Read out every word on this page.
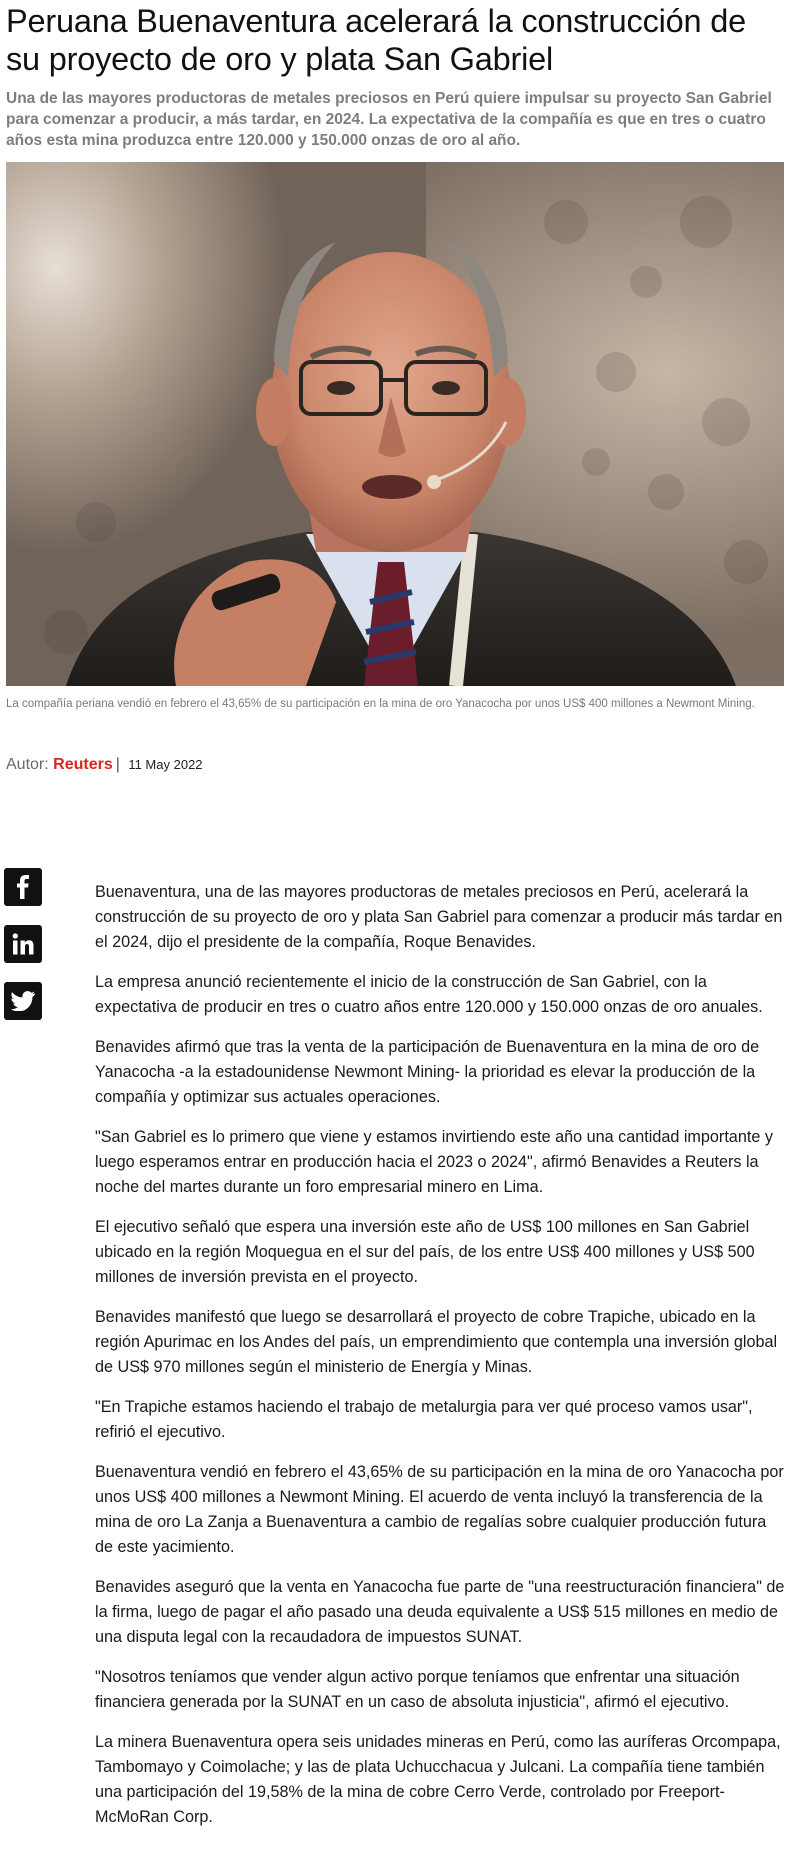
Peruana Buenaventura acelerará la construcción de su proyecto de oro y plata San Gabriel

Una de las mayores productoras de metales preciosos en Perú quiere impulsar su proyecto San Gabriel para comenzar a producir, a más tardar, en 2024. La expectativa de la compañía es que en tres o cuatro años esta mina produzca entre 120.000 y 150.000 onzas de oro al año.

La compañía periana vendió en febrero el 43,65% de su participación en la mina de oro Yanacocha por unos US$ 400 millones a Newmont Mining.

Autor: Reuters | 11 May 2022

Buenaventura, una de las mayores productoras de metales preciosos en Perú, acelerará la construcción de su proyecto de oro y plata San Gabriel para comenzar a producir más tardar en el 2024, dijo el presidente de la compañía, Roque Benavides.

La empresa anunció recientemente el inicio de la construcción de San Gabriel, con la expectativa de producir en tres o cuatro años entre 120.000 y 150.000 onzas de oro anuales.

Benavides afirmó que tras la venta de la participación de Buenaventura en la mina de oro de Yanacocha -a la estadounidense Newmont Mining- la prioridad es elevar la producción de la compañía y optimizar sus actuales operaciones.

"San Gabriel es lo primero que viene y estamos invirtiendo este año una cantidad importante y luego esperamos entrar en producción hacia el 2023 o 2024", afirmó Benavides a Reuters la noche del martes durante un foro empresarial minero en Lima.

El ejecutivo señaló que espera una inversión este año de US$ 100 millones en San Gabriel ubicado en la región Moquegua en el sur del país, de los entre US$ 400 millones y US$ 500 millones de inversión prevista en el proyecto.

Benavides manifestó que luego se desarrollará el proyecto de cobre Trapiche, ubicado en la región Apurimac en los Andes del país, un emprendimiento que contempla una inversión global de US$ 970 millones según el ministerio de Energía y Minas.

"En Trapiche estamos haciendo el trabajo de metalurgia para ver qué proceso vamos usar", refirió el ejecutivo.

Buenaventura vendió en febrero el 43,65% de su participación en la mina de oro Yanacocha por unos US$ 400 millones a Newmont Mining. El acuerdo de venta incluyó la transferencia de la mina de oro La Zanja a Buenaventura a cambio de regalías sobre cualquier producción futura de este yacimiento.

Benavides aseguró que la venta en Yanacocha fue parte de "una reestructuración financiera" de la firma, luego de pagar el año pasado una deuda equivalente a US$ 515 millones en medio de una disputa legal con la recaudadora de impuestos SUNAT.

"Nosotros teníamos que vender algun activo porque teníamos que enfrentar una situación financiera generada por la SUNAT en un caso de absoluta injusticia", afirmó el ejecutivo.

La minera Buenaventura opera seis unidades mineras en Perú, como las auríferas Orcompapa, Tambomayo y Coimolache; y las de plata Uchucchacua y Julcani. La compañía tiene también una participación del 19,58% de la mina de cobre Cerro Verde, controlado por Freeport-McMoRan Corp.
